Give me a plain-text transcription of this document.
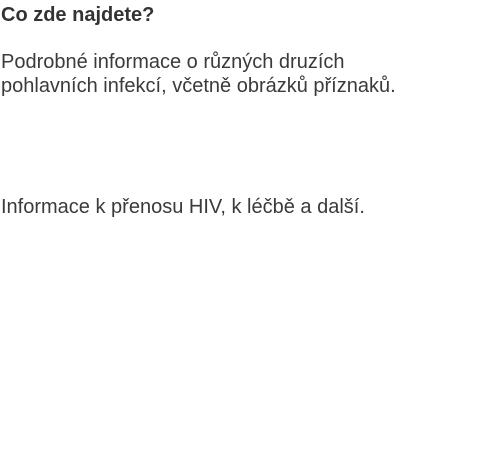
Co zde najdete?

Podrobné informace o různých druzích
pohlavních infekcí, včetně obrázků příznaků.

Informace k přenosu HIV, k léčbě a další.
